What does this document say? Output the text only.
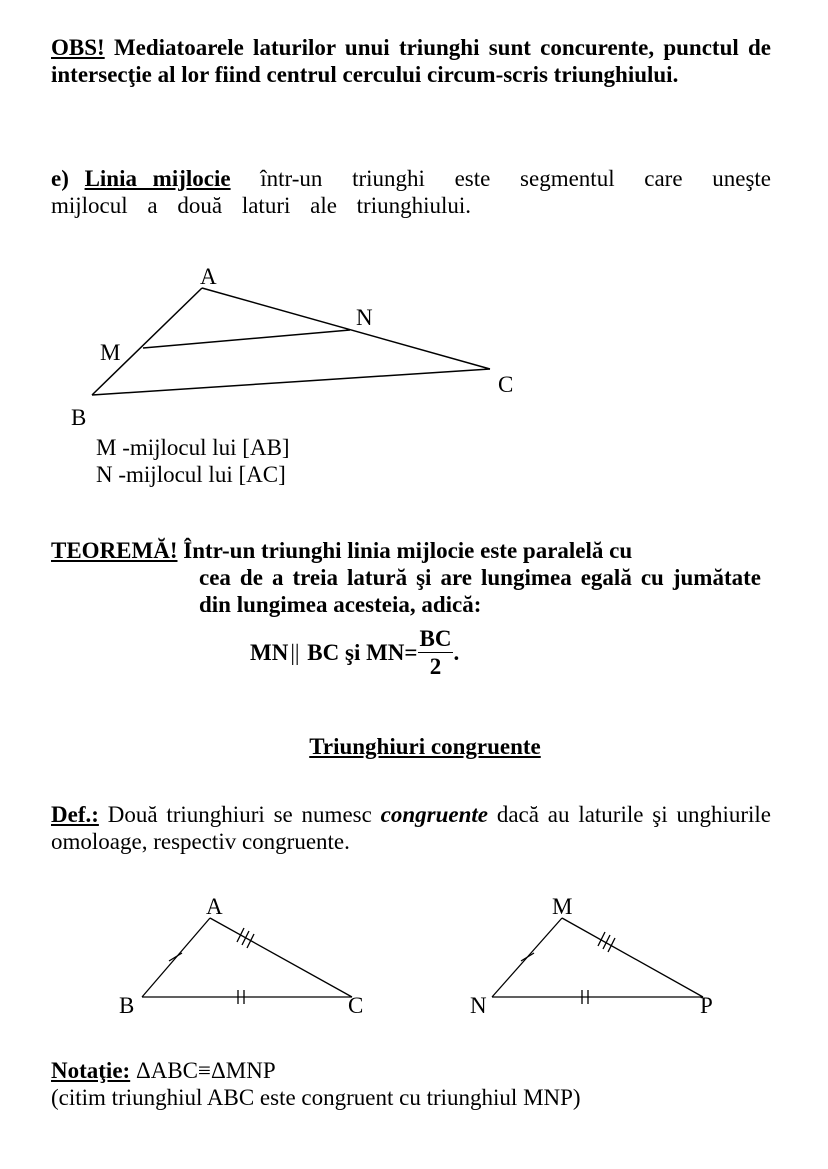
OBS! Mediatoarele laturilor unui triunghi sunt concurente, punctul de intersecţie al lor fiind centrul cercului circum-scris triunghiului.
e) Linia mijlocie într-un triunghi este segmentul care uneşte mijlocul a două laturi ale triunghiului.
A
N
M
C
B
A
B	C
M
N	P
M -mijlocul lui [AB]
N -mijlocul lui [AC]
TEOREMĂ! Într-un triunghi linia mijlocie este paralelă cu
cea de a treia latură şi are lungimea egală cu jumătate din lungimea acesteia, adică:
MN || BC şi $MN= \frac{BC}{2}$ .
Triunghiuri congruente
Def.: Două triunghiuri se numesc congruente dacă au laturile şi unghiurile omoloage, respectiv congruente.
Notaţie: ΔABC≡ΔMNP
(citim triunghiul ABC este congruent cu triunghiul MNP)
